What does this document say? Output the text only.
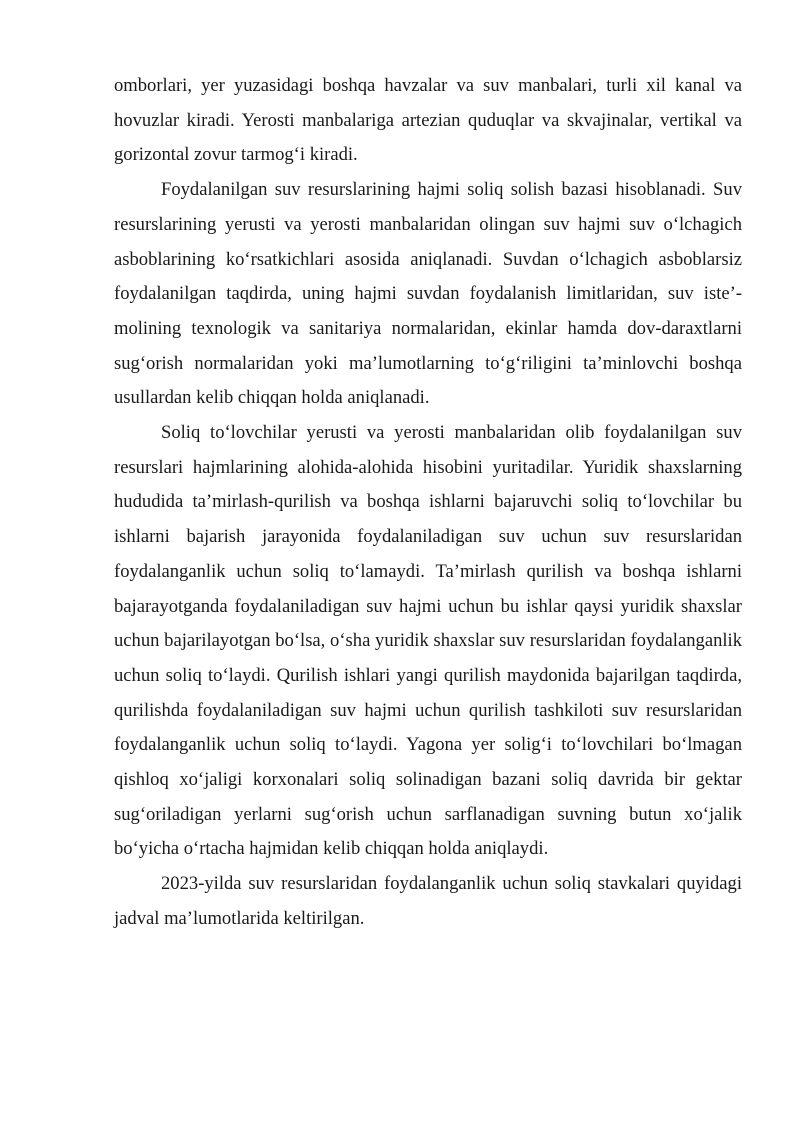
omborlari, yer yuzasidagi boshqa havzalar va suv manbalari, turli xil kanal va hovuzlar kiradi. Yerosti manbalariga artezian quduqlar va skvajinalar, vertikal va gorizontal zovur tarmog‘i kiradi.

Foydalanilgan suv resurslarining hajmi soliq solish bazasi hisoblanadi. Suv resurslarining yerusti va yerosti manbalaridan olingan suv hajmi suv o‘lchagich asboblarining ko‘rsatkichlari asosida aniqlanadi. Suvdan o‘lchagich asboblarsiz foydalanilgan taqdirda, uning hajmi suvdan foydalanish limitlaridan, suv iste’- molining texnologik va sanitariya normalaridan, ekinlar hamda dov-daraxtlarni sug‘orish normalaridan yoki ma’lumotlarning to‘g‘riligini ta’minlovchi boshqa usullardan kelib chiqqan holda aniqlanadi.

Soliq to‘lovchilar yerusti va yerosti manbalaridan olib foydalanilgan suv resurslari hajmlarining alohida-alohida hisobini yuritadilar. Yuridik shaxslarning hududida ta’mirlash-qurilish va boshqa ishlarni bajaruvchi soliq to‘lovchilar bu ishlarni bajarish jarayonida foydalaniladigan suv uchun suv resurslaridan foydalanganlik uchun soliq to‘lamaydi. Ta’mirlash qurilish va boshqa ishlarni bajarayotganda foydalaniladigan suv hajmi uchun bu ishlar qaysi yuridik shaxslar uchun bajarilayotgan bo‘lsa, o‘sha yuridik shaxslar suv resurslaridan foydalanganlik uchun soliq to‘laydi. Qurilish ishlari yangi qurilish maydonida bajarilgan taqdirda, qurilishda foydalaniladigan suv hajmi uchun qurilish tashkiloti suv resurslaridan foydalanganlik uchun soliq to‘laydi. Yagona yer solig‘i to‘lovchilari bo‘lmagan qishloq xo‘jaligi korxonalari soliq solinadigan bazani soliq davrida bir gektar sug‘oriladigan yerlarni sug‘orish uchun sarflanadigan suvning butun xo‘jalik bo‘yicha o‘rtacha hajmidan kelib chiqqan holda aniqlaydi.

2023-yilda suv resurslaridan foydalanganlik uchun soliq stavkalari quyidagi jadval ma’lumotlarida keltirilgan.
